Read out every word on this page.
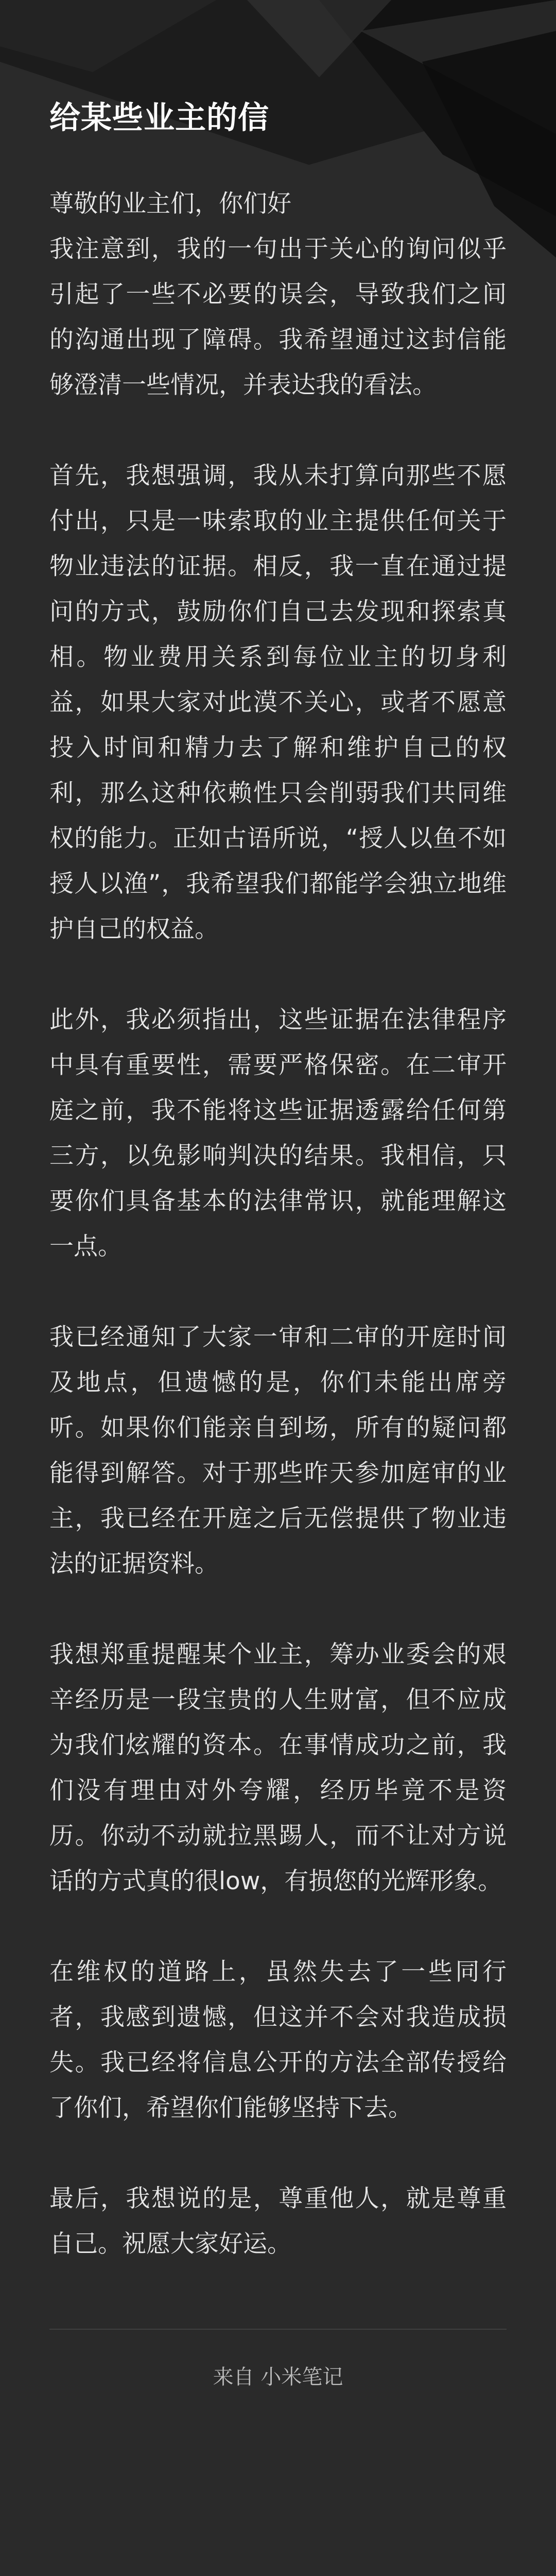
给某些业主的信
尊敬的业主们，你们好
我注意到，我的一句出于关心的询问似乎引起了一些不必要的误会，导致我们之间的沟通出现了障碍。我希望通过这封信能够澄清一些情况，并表达我的看法。
首先，我想强调，我从未打算向那些不愿付出，只是一味索取的业主提供任何关于物业违法的证据。相反，我一直在通过提问的方式，鼓励你们自己去发现和探索真相。物业费用关系到每位业主的切身利益，如果大家对此漠不关心，或者不愿意投入时间和精力去了解和维护自己的权利，那么这种依赖性只会削弱我们共同维权的能力。正如古语所说，“授人以鱼不如授人以渔”，我希望我们都能学会独立地维护自己的权益。
此外，我必须指出，这些证据在法律程序中具有重要性，需要严格保密。在二审开庭之前，我不能将这些证据透露给任何第三方，以免影响判决的结果。我相信，只要你们具备基本的法律常识，就能理解这一点。
我已经通知了大家一审和二审的开庭时间及地点，但遗憾的是，你们未能出席旁听。如果你们能亲自到场，所有的疑问都能得到解答。对于那些昨天参加庭审的业主，我已经在开庭之后无偿提供了物业违法的证据资料。
我想郑重提醒某个业主，筹办业委会的艰辛经历是一段宝贵的人生财富，但不应成为我们炫耀的资本。在事情成功之前，我们没有理由对外夸耀，经历毕竟不是资历。你动不动就拉黑踢人，而不让对方说话的方式真的很low，有损您的光辉形象。
在维权的道路上，虽然失去了一些同行者，我感到遗憾，但这并不会对我造成损失。我已经将信息公开的方法全部传授给了你们，希望你们能够坚持下去。
最后，我想说的是，尊重他人，就是尊重自己。祝愿大家好运。
来自 小米笔记
